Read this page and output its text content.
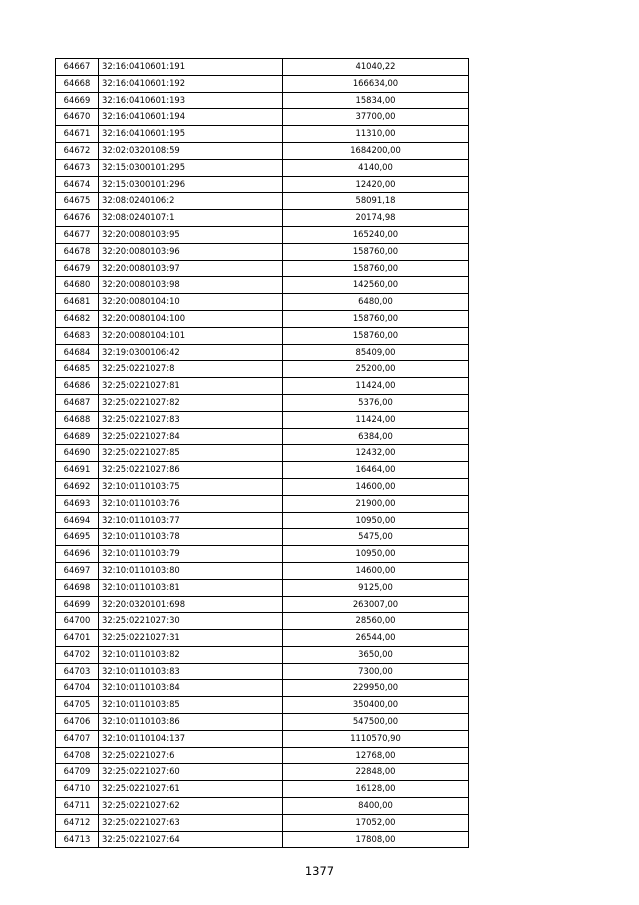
64667	32:16:0410601:191	41040,22
64668	32:16:0410601:192	166634,00
64669	32:16:0410601:193	15834,00
64670	32:16:0410601:194	37700,00
64671	32:16:0410601:195	11310,00
64672	32:02:0320108:59	1684200,00
64673	32:15:0300101:295	4140,00
64674	32:15:0300101:296	12420,00
64675	32:08:0240106:2	58091,18
64676	32:08:0240107:1	20174,98
64677	32:20:0080103:95	165240,00
64678	32:20:0080103:96	158760,00
64679	32:20:0080103:97	158760,00
64680	32:20:0080103:98	142560,00
64681	32:20:0080104:10	6480,00
64682	32:20:0080104:100	158760,00
64683	32:20:0080104:101	158760,00
64684	32:19:0300106:42	85409,00
64685	32:25:0221027:8	25200,00
64686	32:25:0221027:81	11424,00
64687	32:25:0221027:82	5376,00
64688	32:25:0221027:83	11424,00
64689	32:25:0221027:84	6384,00
64690	32:25:0221027:85	12432,00
64691	32:25:0221027:86	16464,00
64692	32:10:0110103:75	14600,00
64693	32:10:0110103:76	21900,00
64694	32:10:0110103:77	10950,00
64695	32:10:0110103:78	5475,00
64696	32:10:0110103:79	10950,00
64697	32:10:0110103:80	14600,00
64698	32:10:0110103:81	9125,00
64699	32:20:0320101:698	263007,00
64700	32:25:0221027:30	28560,00
64701	32:25:0221027:31	26544,00
64702	32:10:0110103:82	3650,00
64703	32:10:0110103:83	7300,00
64704	32:10:0110103:84	229950,00
64705	32:10:0110103:85	350400,00
64706	32:10:0110103:86	547500,00
64707	32:10:0110104:137	1110570,90
64708	32:25:0221027:6	12768,00
64709	32:25:0221027:60	22848,00
64710	32:25:0221027:61	16128,00
64711	32:25:0221027:62	8400,00
64712	32:25:0221027:63	17052,00
64713	32:25:0221027:64	17808,00
1377
